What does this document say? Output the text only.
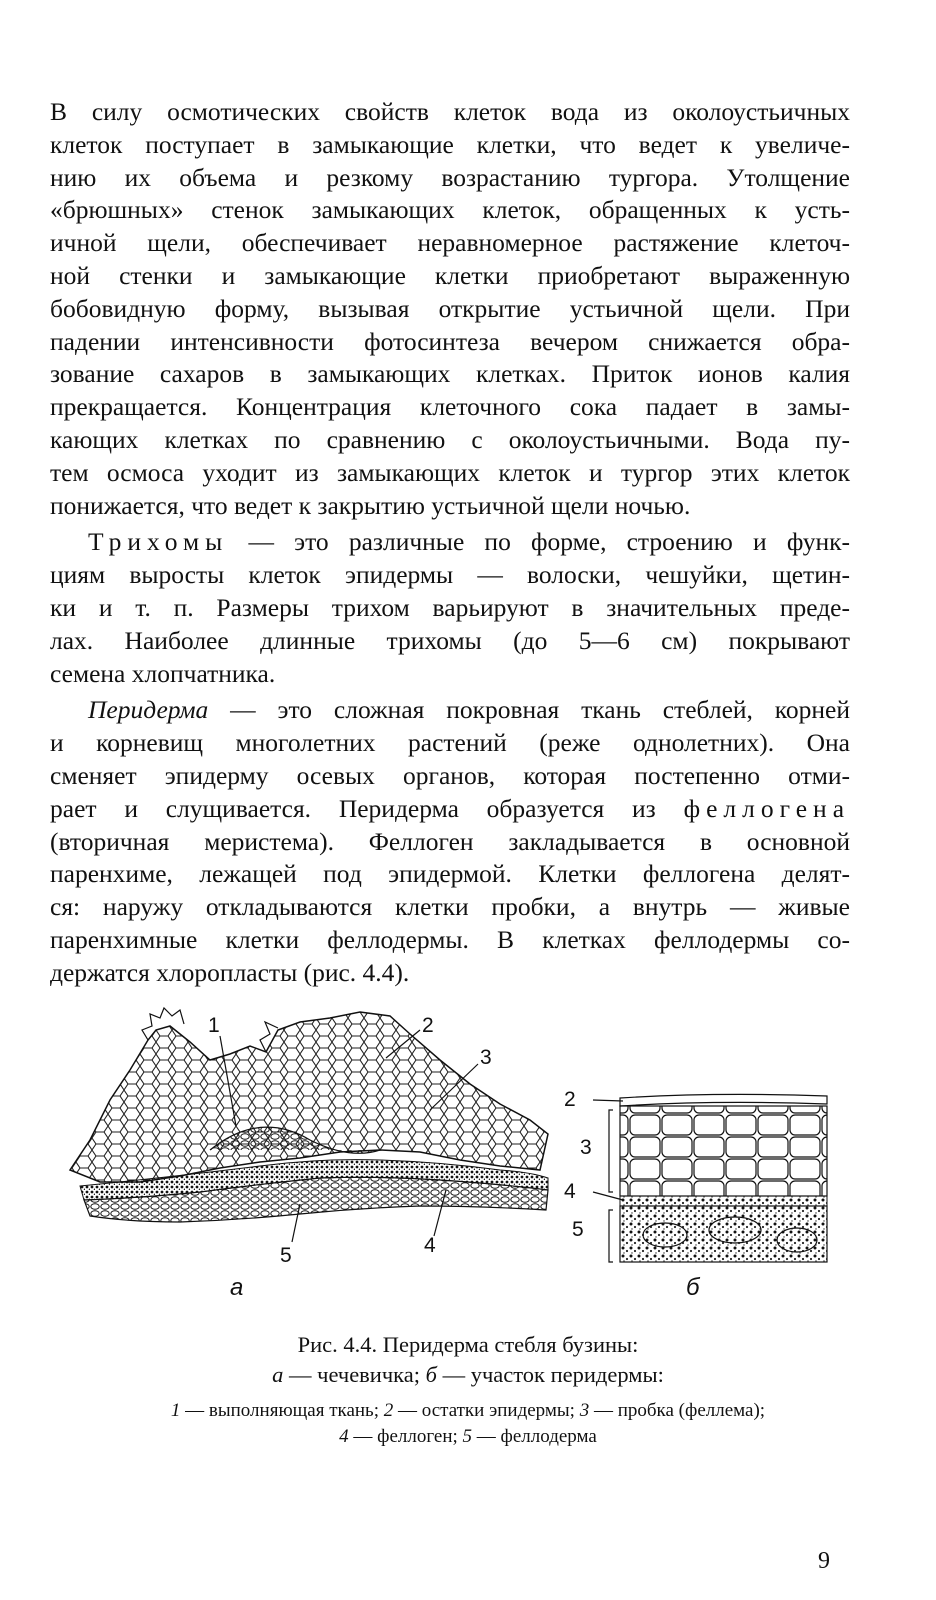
В силу осмотических свойств клеток вода из околоустьичных
клеток поступает в замыкающие клетки, что ведет к увеличе-
нию их объема и резкому возрастанию тургора. Утолщение
«брюшных» стенок замыкающих клеток, обращенных к усть-
ичной щели, обеспечивает неравномерное растяжение клеточ-
ной стенки и замыкающие клетки приобретают выраженную
бобовидную форму, вызывая открытие устьичной щели. При
падении интенсивности фотосинтеза вечером снижается обра-
зование сахаров в замыкающих клетках. Приток ионов калия
прекращается. Концентрация клеточного сока падает в замы-
кающих клетках по сравнению с околоустьичными. Вода пу-
тем осмоса уходит из замыкающих клеток и тургор этих клеток
понижается, что ведет к закрытию устьичной щели ночью.
Трихомы — это различные по форме, строению и функ-
циям выросты клеток эпидермы — волоски, чешуйки, щетин-
ки и т. п. Размеры трихом варьируют в значительных преде-
лах. Наиболее длинные трихомы (до 5—6 см) покрывают
семена хлопчатника.
Перидерма — это сложная покровная ткань стеблей, корней
и корневищ многолетних растений (реже однолетних). Она
сменяет эпидерму осевых органов, которая постепенно отми-
рает и слущивается. Перидерма образуется из феллогена
(вторичная меристема). Феллоген закладывается в основной
паренхиме, лежащей под эпидермой. Клетки феллогена делят-
ся: наружу откладываются клетки пробки, а внутрь — живые
паренхимные клетки феллодермы. В клетках феллодермы со-
держатся хлоропласты (рис. 4.4).
1	2
3
4
5
а
2
3
4
5
б
Рис. 4.4. Перидерма стебля бузины:
а — чечевичка; б — участок перидермы:
1 — выполняющая ткань; 2 — остатки эпидермы; 3 — пробка (феллема);
4 — феллоген; 5 — феллодерма
9
